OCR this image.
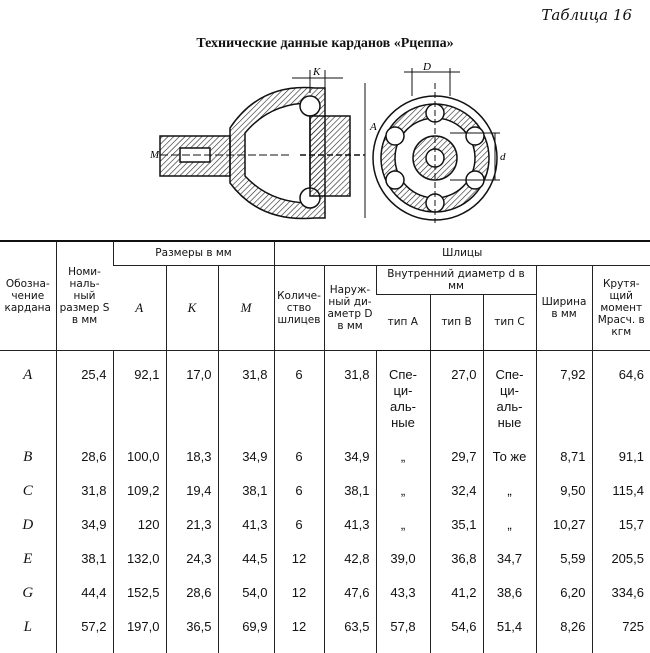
Таблица 16
Технические данные карданов «Рцеппа»
K
A
M
D
d
Обозна- чение кардана	Номи- наль- ный размер S в мм	Размеры в мм			Шлицы						
		A	K	M	Количе- ство шлицев	Наруж- ный ди- аметр D в мм	Внутренний диаметр d в мм			Ширина в мм	Крутя- щий момент Mрасч. в кгм
							тип А	тип В	тип С		

A	25,4	92,1	17,0	31,8	6	31,8	Спе- ци- аль- ные	27,0	Спе- ци- аль- ные	7,92	64,6
B	28,6	100,0	18,3	34,9	6	34,9	„	29,7	То же	8,71	91,1
C	31,8	109,2	19,4	38,1	6	38,1	„	32,4	„	9,50	115,4
D	34,9	120	21,3	41,3	6	41,3	„	35,1	„	10,27	15,7
E	38,1	132,0	24,3	44,5	12	42,8	39,0	36,8	34,7	5,59	205,5
G	44,4	152,5	28,6	54,0	12	47,6	43,3	41,2	38,6	6,20	334,6
L	57,2	197,0	36,5	69,9	12	63,5	57,8	54,6	51,4	8,26	725
